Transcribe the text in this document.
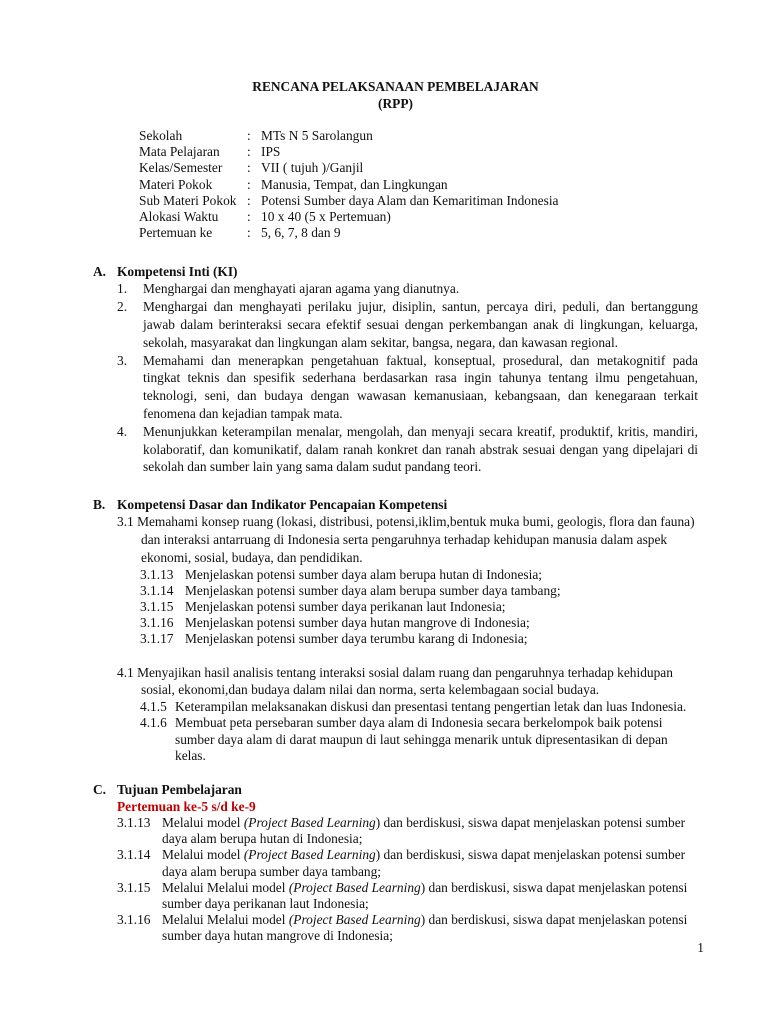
RENCANA PELAKSANAAN PEMBELAJARAN
(RPP)
Sekolah	: MTs N 5 Sarolangun
Mata Pelajaran	: IPS
Kelas/Semester	: VII ( tujuh )/Ganjil
Materi Pokok	: Manusia, Tempat, dan Lingkungan
Sub Materi Pokok : Potensi Sumber daya Alam dan Kemaritiman Indonesia
Alokasi Waktu	: 10 x 40 (5 x Pertemuan)
Pertemuan ke	: 5, 6, 7, 8 dan 9
A. Kompetensi Inti (KI)
1.	Menghargai dan menghayati ajaran agama yang dianutnya.
2.	Menghargai dan menghayati perilaku jujur, disiplin, santun, percaya diri, peduli, dan bertanggung jawab dalam berinteraksi secara efektif sesuai dengan perkembangan anak di lingkungan, keluarga, sekolah, masyarakat dan lingkungan alam sekitar, bangsa, negara, dan kawasan regional.
3.	Memahami dan menerapkan pengetahuan faktual, konseptual, prosedural, dan metakognitif pada tingkat teknis dan spesifik sederhana berdasarkan rasa ingin tahunya tentang ilmu pengetahuan, teknologi, seni, dan budaya dengan wawasan kemanusiaan, kebangsaan, dan kenegaraan terkait fenomena dan kejadian tampak mata.
4.	Menunjukkan keterampilan menalar, mengolah, dan menyaji secara kreatif, produktif, kritis, mandiri, kolaboratif, dan komunikatif, dalam ranah konkret dan ranah abstrak sesuai dengan yang dipelajari di sekolah dan sumber lain yang sama dalam sudut pandang teori.
B. Kompetensi Dasar dan Indikator Pencapaian Kompetensi
3.1 Memahami konsep ruang (lokasi, distribusi, potensi,iklim,bentuk muka bumi, geologis, flora dan fauna) dan interaksi antarruang di Indonesia serta pengaruhnya terhadap kehidupan manusia dalam aspek ekonomi, sosial, budaya, dan pendidikan.
3.1.13 Menjelaskan potensi sumber daya alam berupa hutan di Indonesia;
3.1.14 Menjelaskan potensi sumber daya alam berupa sumber daya tambang;
3.1.15 Menjelaskan potensi sumber daya perikanan laut Indonesia;
3.1.16 Menjelaskan potensi sumber daya hutan mangrove di Indonesia;
3.1.17 Menjelaskan potensi sumber daya terumbu karang di Indonesia;
4.1 Menyajikan hasil analisis tentang interaksi sosial dalam ruang dan pengaruhnya terhadap kehidupan sosial, ekonomi,dan budaya dalam nilai dan norma, serta kelembagaan social budaya.
4.1.5 Keterampilan melaksanakan diskusi dan presentasi tentang pengertian letak dan luas Indonesia.
4.1.6 Membuat peta persebaran sumber daya alam di Indonesia secara berkelompok baik potensi sumber daya alam di darat maupun di laut sehingga menarik untuk dipresentasikan di depan kelas.
C. Tujuan Pembelajaran
Pertemuan ke-5 s/d ke-9
3.1.13 Melalui model (Project Based Learning) dan berdiskusi, siswa dapat menjelaskan potensi sumber daya alam berupa hutan di Indonesia;
3.1.14 Melalui model (Project Based Learning) dan berdiskusi, siswa dapat menjelaskan potensi sumber daya alam berupa sumber daya tambang;
3.1.15 Melalui Melalui model (Project Based Learning) dan berdiskusi, siswa dapat menjelaskan potensi sumber daya perikanan laut Indonesia;
3.1.16 Melalui Melalui model (Project Based Learning) dan berdiskusi, siswa dapat menjelaskan potensi sumber daya hutan mangrove di Indonesia;
1
